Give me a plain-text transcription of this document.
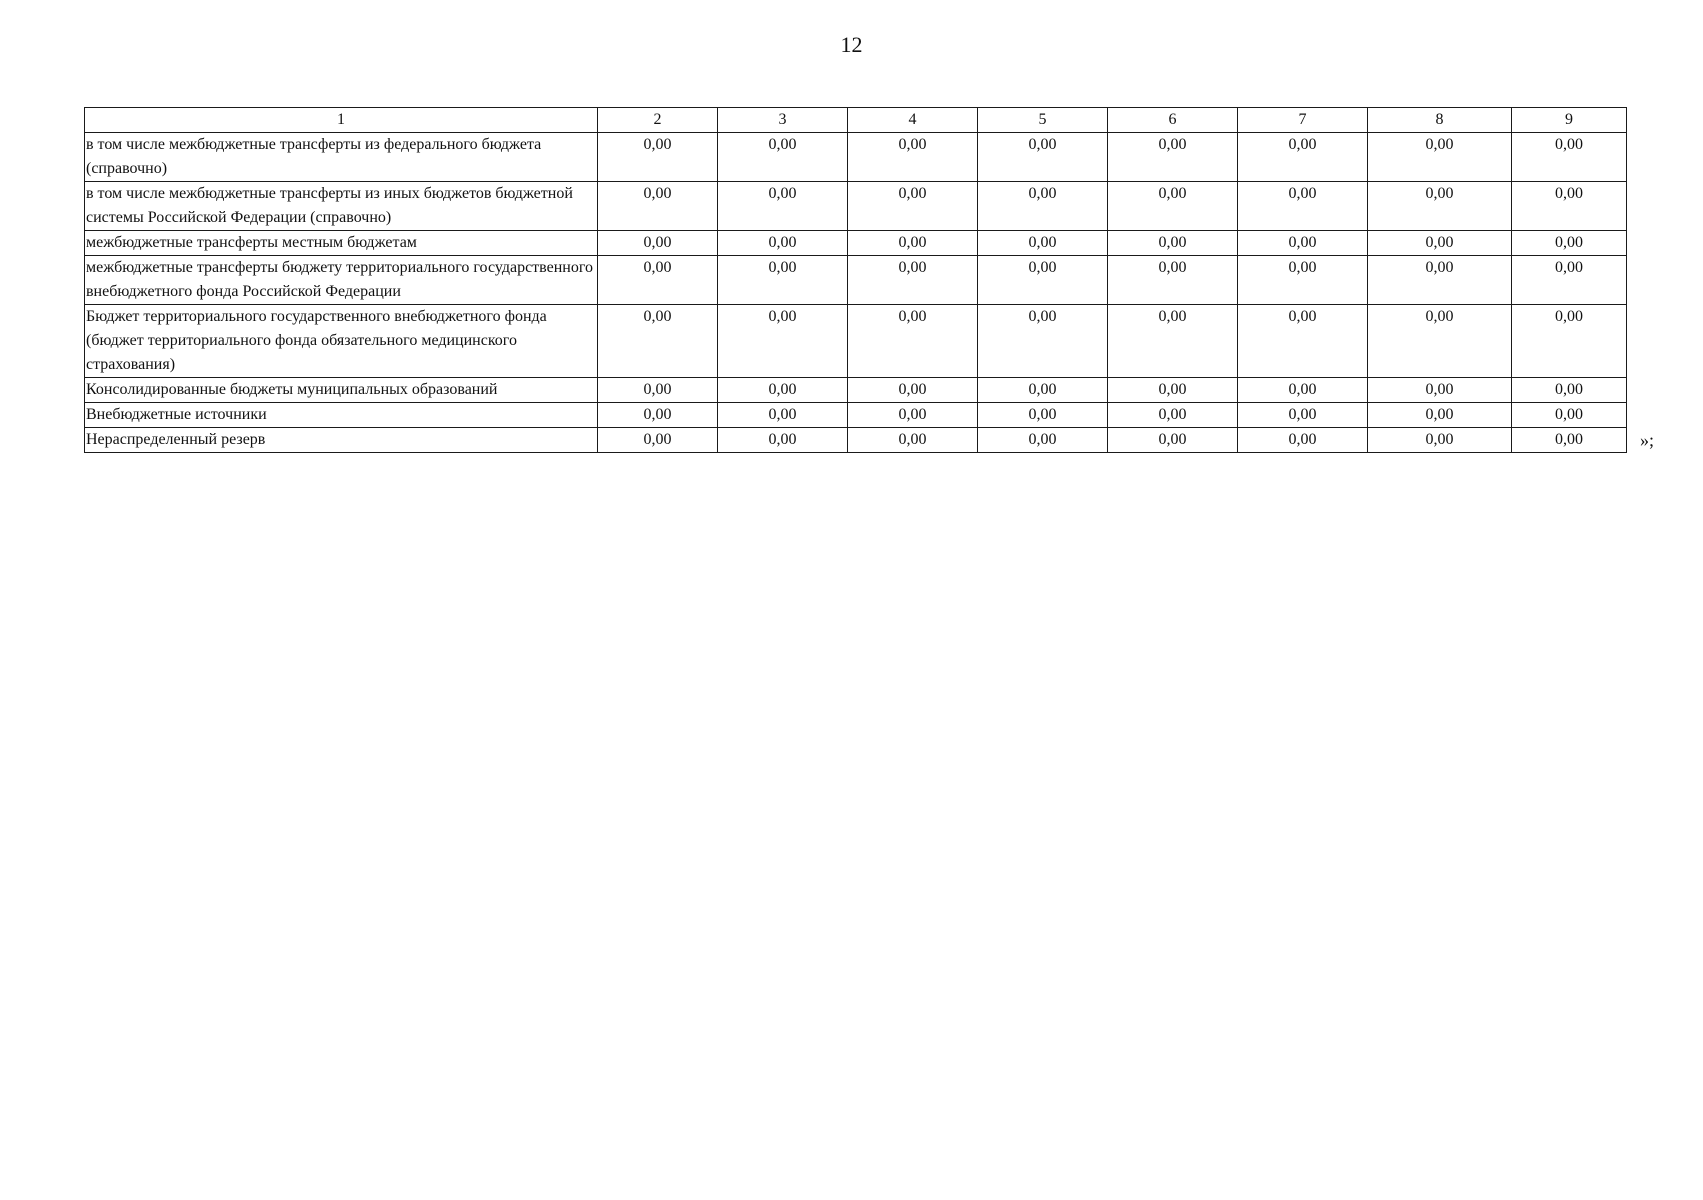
12
1	2	3	4	5	6	7	8	9
в том числе межбюджетные трансферты из федерального бюджета (справочно)	0,00	0,00	0,00	0,00	0,00	0,00	0,00	0,00
в том числе межбюджетные трансферты из иных бюджетов бюджетной системы Российской Федерации (справочно)	0,00	0,00	0,00	0,00	0,00	0,00	0,00	0,00
межбюджетные трансферты местным бюджетам	0,00	0,00	0,00	0,00	0,00	0,00	0,00	0,00
межбюджетные трансферты бюджету территориального государственного внебюджетного фонда Российской Федерации	0,00	0,00	0,00	0,00	0,00	0,00	0,00	0,00
Бюджет территориального государственного внебюджетного фонда (бюджет территориального фонда обязательного медицинского страхования)	0,00	0,00	0,00	0,00	0,00	0,00	0,00	0,00
Консолидированные бюджеты муниципальных образований	0,00	0,00	0,00	0,00	0,00	0,00	0,00	0,00
Внебюджетные источники	0,00	0,00	0,00	0,00	0,00	0,00	0,00	0,00
Нераспределенный резерв	0,00	0,00	0,00	0,00	0,00	0,00	0,00	0,00	»;
